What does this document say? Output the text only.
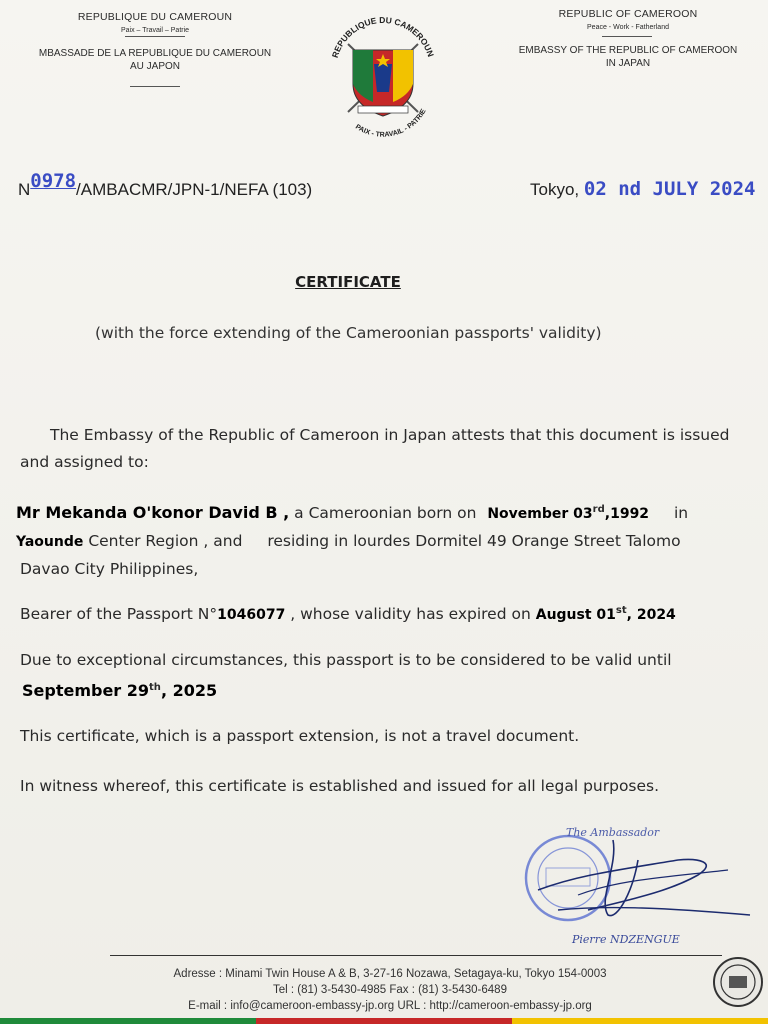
REPUBLIQUE DU CAMEROUN
Paix – Travail – Patrie
MBASSADE DE LA REPUBLIQUE DU CAMEROUN
AU JAPON
REPUBLIC OF CAMEROON
Peace - Work - Fatherland
EMBASSY OF THE REPUBLIC OF CAMEROON
IN JAPAN
REPUBLIQUE DU CAMEROUN
PAIX - TRAVAIL - PATRIE
N0978/AMBACMR/JPN-1/NEFA (103)	Tokyo, 02 nd JULY 2024
CERTIFICATE
(with the force extending of the Cameroonian passports' validity)
The Embassy of the Republic of Cameroon in Japan attests that this document is issued and assigned to:
Mr Mekanda O'konor David B , a Cameroonian born on November 03rd,1992 in
Yaounde Center Region , and residing in lourdes Dormitel 49 Orange Street Talomo
Davao City Philippines,
Bearer of the Passport N°1046077 , whose validity has expired on August 01st, 2024
Due to exceptional circumstances, this passport is to be considered to be valid until
September 29th, 2025
This certificate, which is a passport extension, is not a travel document.
In witness whereof, this certificate is established and issued for all legal purposes.
The Ambassador
Pierre NDZENGUE
Adresse : Minami Twin House A & B, 3-27-16 Nozawa, Setagaya-ku, Tokyo 154-0003
Tel : (81) 3-5430-4985 Fax : (81) 3-5430-6489
E-mail : info@cameroon-embassy-jp.org URL : http://cameroon-embassy-jp.org
